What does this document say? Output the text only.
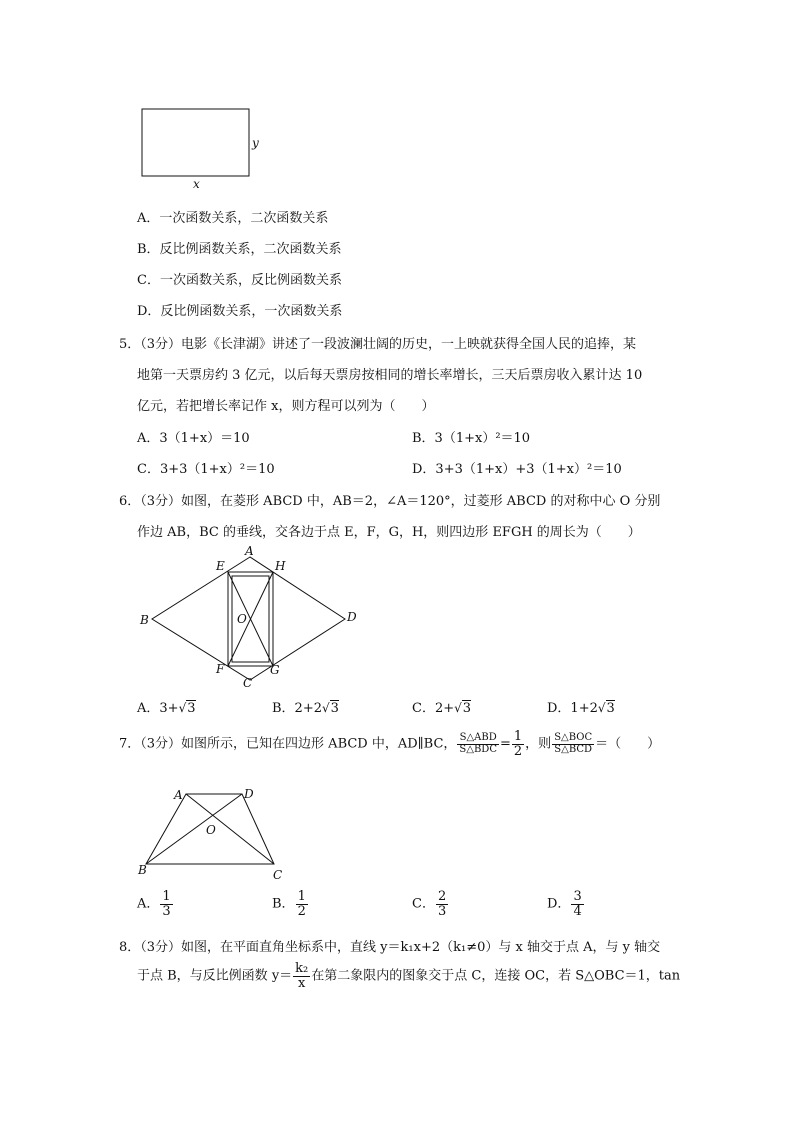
y
x
A．一次函数关系，二次函数关系
B．反比例函数关系，二次函数关系
C．一次函数关系，反比例函数关系
D．反比例函数关系，一次函数关系
5．（3分）电影《长津湖》讲述了一段波澜壮阔的历史，一上映就获得全国人民的追捧，某
地第一天票房约 3 亿元，以后每天票房按相同的增长率增长，三天后票房收入累计达 10
亿元，若把增长率记作 x，则方程可以列为（　　）
A．3（1+x）＝10	B．3（1+x）²＝10
C．3+3（1+x）²＝10	D．3+3（1+x）+3（1+x）²＝10
6．（3分）如图，在菱形 ABCD 中，AB＝2，∠A＝120°，过菱形 ABCD 的对称中心 O 分别
作边 AB，BC 的垂线，交各边于点 E，F，G，H，则四边形 EFGH 的周长为（　　）
A
E	H
B	O	D
F	G
C
A．3+√3	B．2+2√3	C．2+√3	D．1+2√3
7．（3分）如图所示，已知在四边形 ABCD 中，AD∥BC， $\frac{\text{S△ABD}}{\text{S△BDC}} = \frac{1}{2}$ ，则 $\frac{\text{S△BOC}}{\text{S△BCD}}$ ＝（　　）
A	D
O
B	C
A． $\frac{1}{3}$	B． $\frac{1}{2}$	C． $\frac{2}{3}$	D． $\frac{3}{4}$
8．（3分）如图，在平面直角坐标系中，直线 y＝k₁x+2（k₁≠0）与 x 轴交于点 A，与 y 轴交
于点 B，与反比例函数 $y= \frac{\text{k₂}}{x}$ 在第二象限内的图象交于点 C，连接 OC，若 S△OBC＝1，tan
